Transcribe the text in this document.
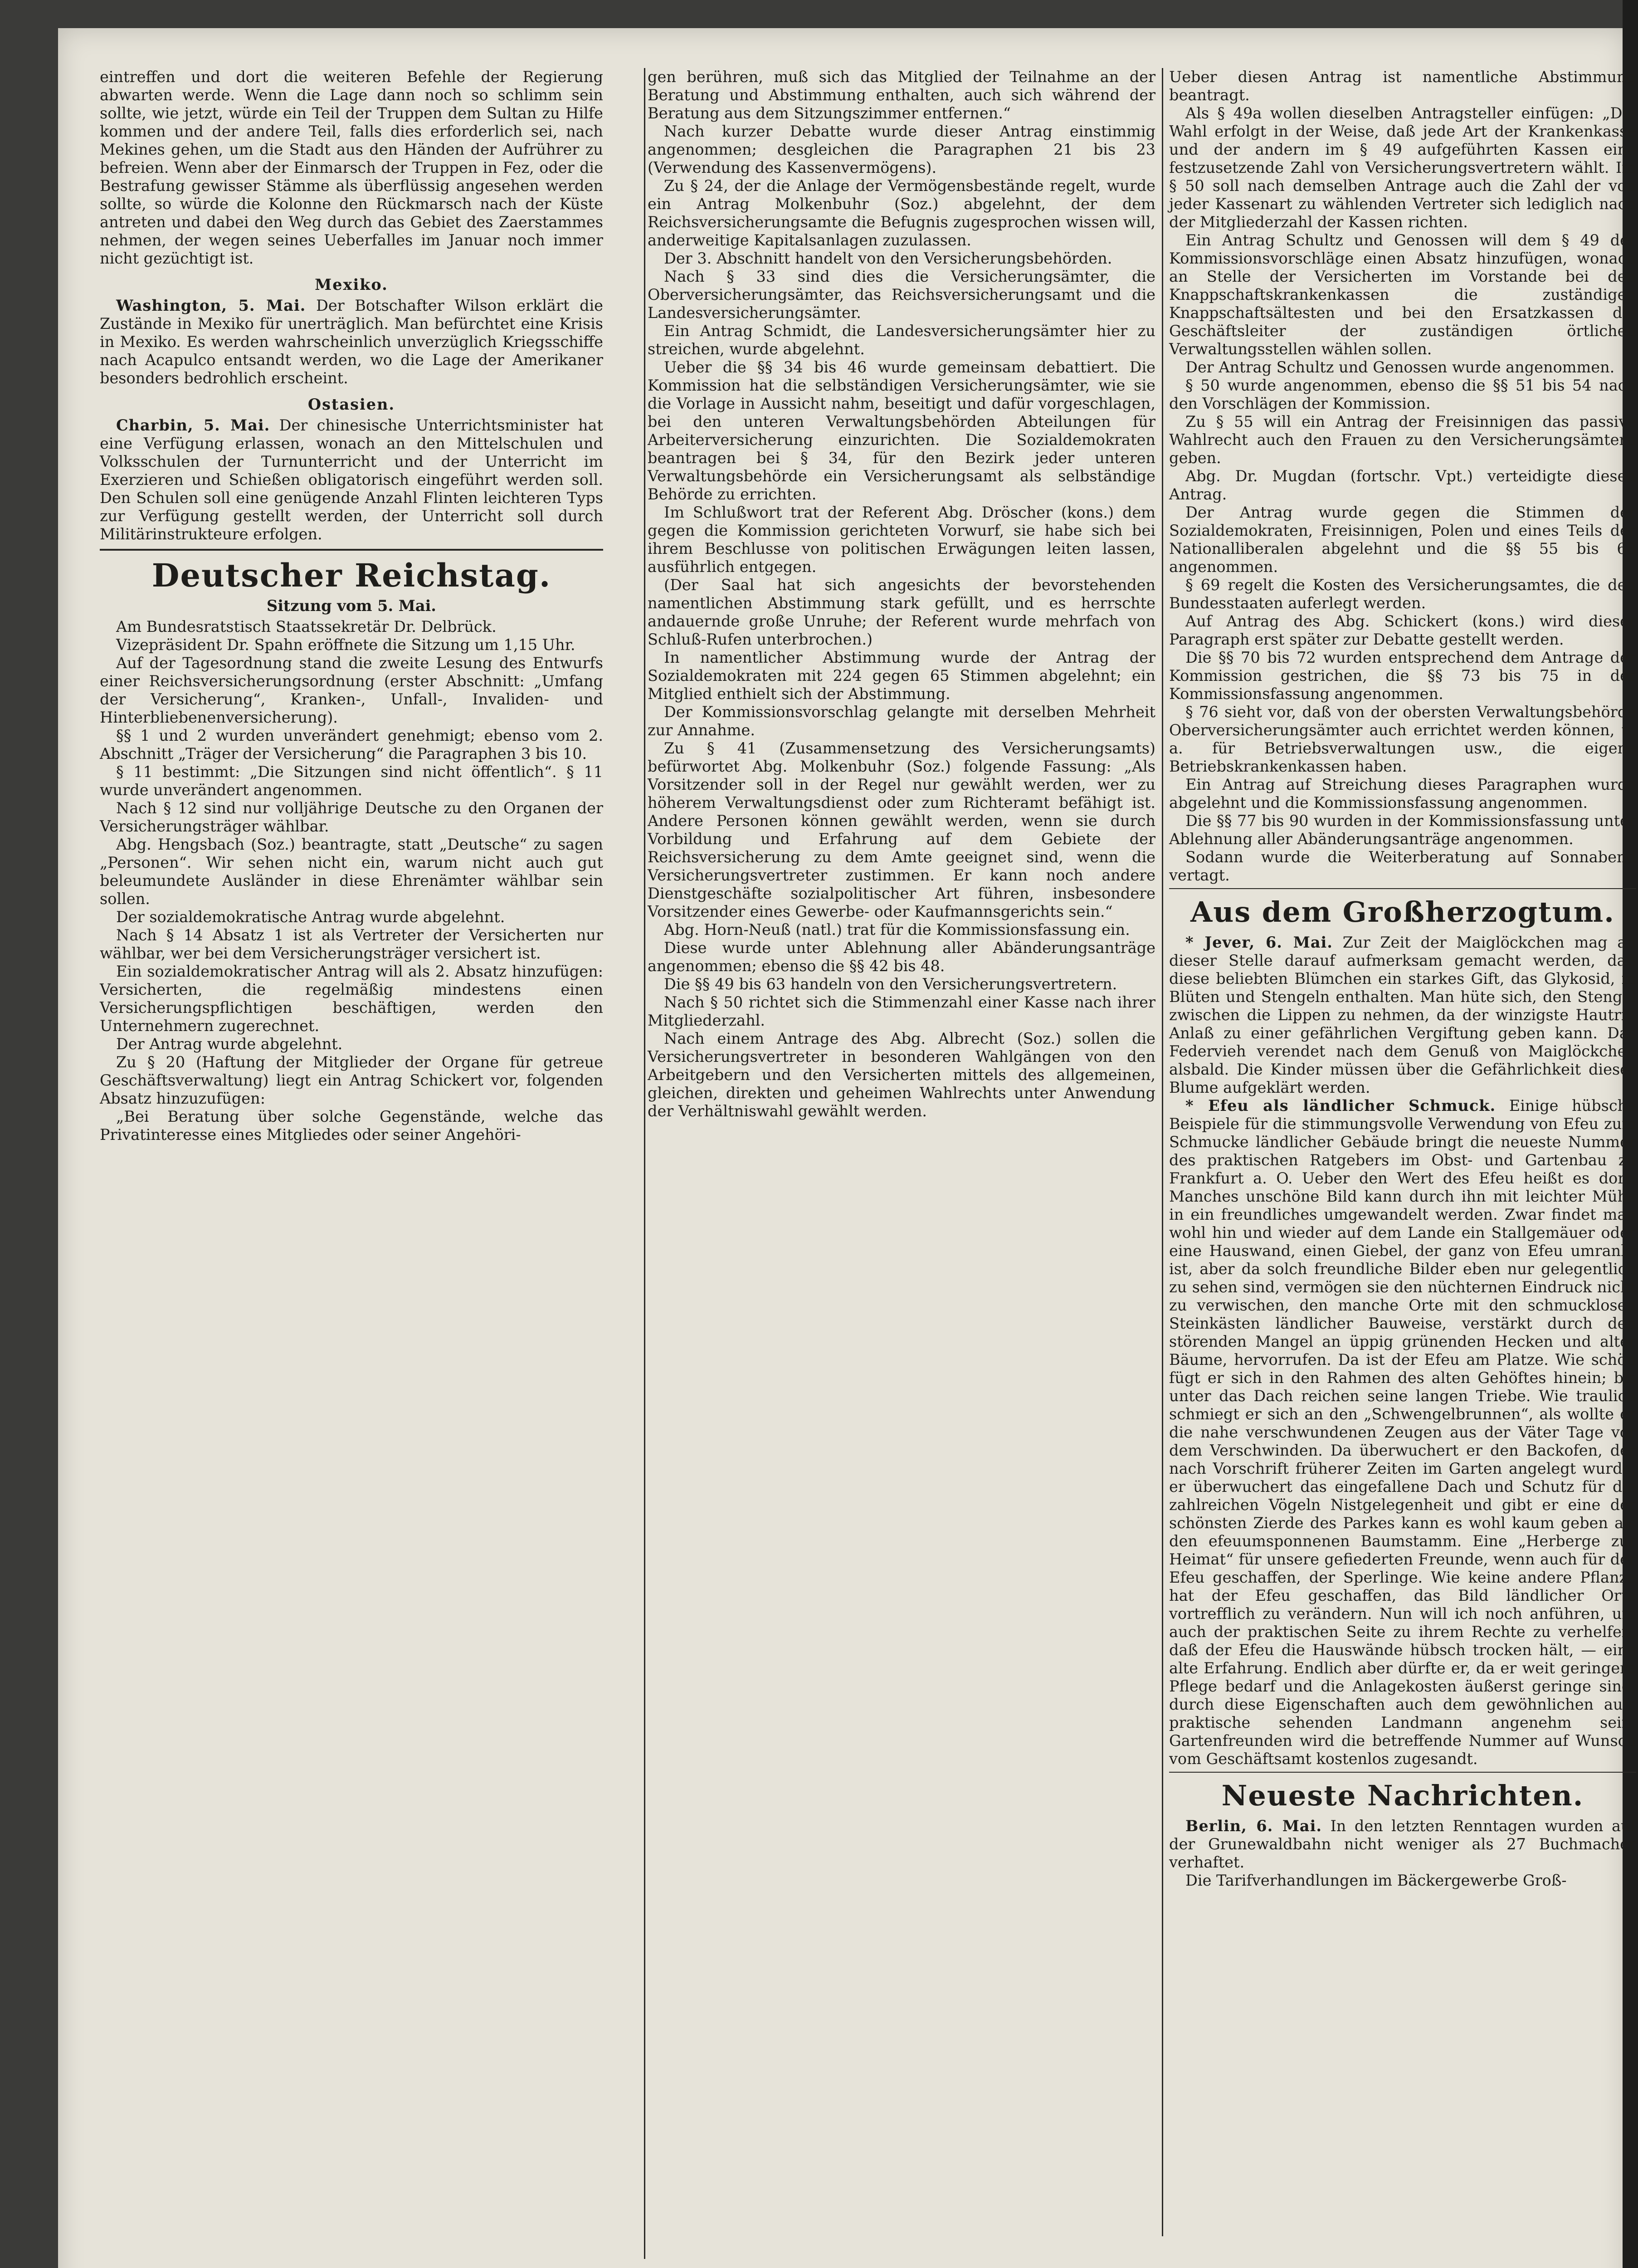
eintreffen und dort die weiteren Befehle der Regierung abwarten werde. Wenn die Lage dann noch so schlimm sein sollte, wie jetzt, würde ein Teil der Truppen dem Sultan zu Hilfe kommen und der andere Teil, falls dies erforderlich sei, nach Mekines gehen, um die Stadt aus den Händen der Aufrührer zu befreien. Wenn aber der Einmarsch der Truppen in Fez, oder die Bestrafung gewisser Stämme als überflüssig angesehen werden sollte, so würde die Kolonne den Rückmarsch nach der Küste antreten und dabei den Weg durch das Gebiet des Zaerstammes nehmen, der wegen seines Ueberfalles im Januar noch immer nicht gezüchtigt ist.

Mexiko.

Washington, 5. Mai. Der Botschafter Wilson erklärt die Zustände in Mexiko für unerträglich. Man befürchtet eine Krisis in Mexiko. Es werden wahrscheinlich unverzüglich Kriegsschiffe nach Acapulco entsandt werden, wo die Lage der Amerikaner besonders bedrohlich erscheint.

Ostasien.

Charbin, 5. Mai. Der chinesische Unterrichtsminister hat eine Verfügung erlassen, wonach an den Mittelschulen und Volksschulen der Turnunterricht und der Unterricht im Exerzieren und Schießen obligatorisch eingeführt werden soll. Den Schulen soll eine genügende Anzahl Flinten leichteren Typs zur Verfügung gestellt werden, der Unterricht soll durch Militärinstrukteure erfolgen.

Deutscher Reichstag.
Sitzung vom 5. Mai.

Am Bundesratstisch Staatssekretär Dr. Delbrück.

Vizepräsident Dr. Spahn eröffnete die Sitzung um 1,15 Uhr.

Auf der Tagesordnung stand die zweite Lesung des Entwurfs einer Reichsversicherungsordnung (erster Abschnitt: „Umfang der Versicherung“, Kranken-, Unfall-, Invaliden- und Hinterbliebenenversicherung).

§§ 1 und 2 wurden unverändert genehmigt; ebenso vom 2. Abschnitt „Träger der Versicherung“ die Paragraphen 3 bis 10.

§ 11 bestimmt: „Die Sitzungen sind nicht öffentlich“. § 11 wurde unverändert angenommen.

Nach § 12 sind nur volljährige Deutsche zu den Organen der Versicherungsträger wählbar.

Abg. Hengsbach (Soz.) beantragte, statt „Deutsche“ zu sagen „Personen“. Wir sehen nicht ein, warum nicht auch gut beleumundete Ausländer in diese Ehrenämter wählbar sein sollen.

Der sozialdemokratische Antrag wurde abgelehnt.

Nach § 14 Absatz 1 ist als Vertreter der Versicherten nur wählbar, wer bei dem Versicherungsträger versichert ist.

Ein sozialdemokratischer Antrag will als 2. Absatz hinzufügen: Versicherten, die regelmäßig mindestens einen Versicherungspflichtigen beschäftigen, werden den Unternehmern zugerechnet.

Der Antrag wurde abgelehnt.

Zu § 20 (Haftung der Mitglieder der Organe für getreue Geschäftsverwaltung) liegt ein Antrag Schickert vor, folgenden Absatz hinzuzufügen:

„Bei Beratung über solche Gegenstände, welche das Privatinteresse eines Mitgliedes oder seiner Angehöri-

gen berühren, muß sich das Mitglied der Teilnahme an der Beratung und Abstimmung enthalten, auch sich während der Beratung aus dem Sitzungszimmer entfernen.“

Nach kurzer Debatte wurde dieser Antrag einstimmig angenommen; desgleichen die Paragraphen 21 bis 23 (Verwendung des Kassenvermögens).

Zu § 24, der die Anlage der Vermögensbestände regelt, wurde ein Antrag Molkenbuhr (Soz.) abgelehnt, der dem Reichsversicherungsamte die Befugnis zugesprochen wissen will, anderweitige Kapitalsanlagen zuzulassen.

Der 3. Abschnitt handelt von den Versicherungsbehörden.

Nach § 33 sind dies die Versicherungsämter, die Oberversicherungsämter, das Reichsversicherungsamt und die Landesversicherungsämter.

Ein Antrag Schmidt, die Landesversicherungsämter hier zu streichen, wurde abgelehnt.

Ueber die §§ 34 bis 46 wurde gemeinsam debattiert. Die Kommission hat die selbständigen Versicherungsämter, wie sie die Vorlage in Aussicht nahm, beseitigt und dafür vorgeschlagen, bei den unteren Verwaltungsbehörden Abteilungen für Arbeiterversicherung einzurichten. Die Sozialdemokraten beantragen bei § 34, für den Bezirk jeder unteren Verwaltungsbehörde ein Versicherungsamt als selbständige Behörde zu errichten.

Im Schlußwort trat der Referent Abg. Dröscher (kons.) dem gegen die Kommission gerichteten Vorwurf, sie habe sich bei ihrem Beschlusse von politischen Erwägungen leiten lassen, ausführlich entgegen.

(Der Saal hat sich angesichts der bevorstehenden namentlichen Abstimmung stark gefüllt, und es herrschte andauernde große Unruhe; der Referent wurde mehrfach von Schluß-Rufen unterbrochen.)

In namentlicher Abstimmung wurde der Antrag der Sozialdemokraten mit 224 gegen 65 Stimmen abgelehnt; ein Mitglied enthielt sich der Abstimmung.

Der Kommissionsvorschlag gelangte mit derselben Mehrheit zur Annahme.

Zu § 41 (Zusammensetzung des Versicherungsamts) befürwortet Abg. Molkenbuhr (Soz.) folgende Fassung: „Als Vorsitzender soll in der Regel nur gewählt werden, wer zu höherem Verwaltungsdienst oder zum Richteramt befähigt ist. Andere Personen können gewählt werden, wenn sie durch Vorbildung und Erfahrung auf dem Gebiete der Reichsversicherung zu dem Amte geeignet sind, wenn die Versicherungsvertreter zustimmen. Er kann noch andere Dienstgeschäfte sozialpolitischer Art führen, insbesondere Vorsitzender eines Gewerbe- oder Kaufmannsgerichts sein.“

Abg. Horn-Neuß (natl.) trat für die Kommissionsfassung ein.

Diese wurde unter Ablehnung aller Abänderungsanträge angenommen; ebenso die §§ 42 bis 48.

Die §§ 49 bis 63 handeln von den Versicherungsvertretern.

Nach § 50 richtet sich die Stimmenzahl einer Kasse nach ihrer Mitgliederzahl.

Nach einem Antrage des Abg. Albrecht (Soz.) sollen die Versicherungsvertreter in besonderen Wahlgängen von den Arbeitgebern und den Versicherten mittels des allgemeinen, gleichen, direkten und geheimen Wahlrechts unter Anwendung der Verhältniswahl gewählt werden.

Ueber diesen Antrag ist namentliche Abstimmung beantragt.

Als § 49a wollen dieselben Antragsteller einfügen: „Die Wahl erfolgt in der Weise, daß jede Art der Krankenkasse und der andern im § 49 aufgeführten Kassen eine festzusetzende Zahl von Versicherungsvertretern wählt. Im § 50 soll nach demselben Antrage auch die Zahl der von jeder Kassenart zu wählenden Vertreter sich lediglich nach der Mitgliederzahl der Kassen richten.

Ein Antrag Schultz und Genossen will dem § 49 der Kommissionsvorschläge einen Absatz hinzufügen, wonach an Stelle der Versicherten im Vorstande bei den Knappschaftskrankenkassen die zuständigen Knappschaftsältesten und bei den Ersatzkassen die Geschäftsleiter der zuständigen örtlichen Verwaltungsstellen wählen sollen.

Der Antrag Schultz und Genossen wurde angenommen.

§ 50 wurde angenommen, ebenso die §§ 51 bis 54 nach den Vorschlägen der Kommission.

Zu § 55 will ein Antrag der Freisinnigen das passive Wahlrecht auch den Frauen zu den Versicherungsämtern geben.

Abg. Dr. Mugdan (fortschr. Vpt.) verteidigte diesen Antrag.

Der Antrag wurde gegen die Stimmen der Sozialdemokraten, Freisinnigen, Polen und eines Teils der Nationalliberalen abgelehnt und die §§ 55 bis 68 angenommen.

§ 69 regelt die Kosten des Versicherungsamtes, die den Bundesstaaten auferlegt werden.

Auf Antrag des Abg. Schickert (kons.) wird dieser Paragraph erst später zur Debatte gestellt werden.

Die §§ 70 bis 72 wurden entsprechend dem Antrage der Kommission gestrichen, die §§ 73 bis 75 in der Kommissionsfassung angenommen.

§ 76 sieht vor, daß von der obersten Verwaltungsbehörde Oberversicherungsämter auch errichtet werden können, u. a. für Betriebsverwaltungen usw., die eigene Betriebskrankenkassen haben.

Ein Antrag auf Streichung dieses Paragraphen wurde abgelehnt und die Kommissionsfassung angenommen.

Die §§ 77 bis 90 wurden in der Kommissionsfassung unter Ablehnung aller Abänderungsanträge angenommen.

Sodann wurde die Weiterberatung auf Sonnabend vertagt.

Aus dem Großherzogtum.

* Jever, 6. Mai. Zur Zeit der Maiglöckchen mag an dieser Stelle darauf aufmerksam gemacht werden, daß diese beliebten Blümchen ein starkes Gift, das Glykosid, in Blüten und Stengeln enthalten. Man hüte sich, den Stengel zwischen die Lippen zu nehmen, da der winzigste Hautriß Anlaß zu einer gefährlichen Vergiftung geben kann. Das Federvieh verendet nach dem Genuß von Maiglöckchen alsbald. Die Kinder müssen über die Gefährlichkeit dieser Blume aufgeklärt werden.

* Efeu als ländlicher Schmuck. Einige hübsche Beispiele für die stimmungsvolle Verwendung von Efeu zum Schmucke ländlicher Gebäude bringt die neueste Nummer des praktischen Ratgebers im Obst- und Gartenbau zu Frankfurt a. O. Ueber den Wert des Efeu heißt es dort: Manches unschöne Bild kann durch ihn mit leichter Mühe in ein freundliches umgewandelt werden. Zwar findet man wohl hin und wieder auf dem Lande ein Stallgemäuer oder eine Hauswand, einen Giebel, der ganz von Efeu umrankt ist, aber da solch freundliche Bilder eben nur gelegentlich zu sehen sind, vermögen sie den nüchternen Eindruck nicht zu verwischen, den manche Orte mit den schmucklosen Steinkästen ländlicher Bauweise, verstärkt durch den störenden Mangel an üppig grünenden Hecken und alter Bäume, hervorrufen. Da ist der Efeu am Platze. Wie schön fügt er sich in den Rahmen des alten Gehöftes hinein; bis unter das Dach reichen seine langen Triebe. Wie traulich schmiegt er sich an den „Schwengelbrunnen“, als wollte er die nahe verschwundenen Zeugen aus der Väter Tage vor dem Verschwinden. Da überwuchert er den Backofen, der nach Vorschrift früherer Zeiten im Garten angelegt wurde, er überwuchert das eingefallene Dach und Schutz für die zahlreichen Vögeln Nistgelegenheit und gibt er eine der schönsten Zierde des Parkes kann es wohl kaum geben als den efeuumsponnenen Baumstamm. Eine „Herberge zur Heimat“ für unsere gefiederten Freunde, wenn auch für der Efeu geschaffen, der Sperlinge. Wie keine andere Pflanze hat der Efeu geschaffen, das Bild ländlicher Orte vortrefflich zu verändern. Nun will ich noch anführen, um auch der praktischen Seite zu ihrem Rechte zu verhelfen, daß der Efeu die Hauswände hübsch trocken hält, — eine alte Erfahrung. Endlich aber dürfte er, da er weit geringere Pflege bedarf und die Anlagekosten äußerst geringe sind, durch diese Eigenschaften auch dem gewöhnlichen aufs praktische sehenden Landmann angenehm sein. Gartenfreunden wird die betreffende Nummer auf Wunsch vom Geschäftsamt kostenlos zugesandt.

Neueste Nachrichten.

Berlin, 6. Mai. In den letzten Renntagen wurden auf der Grunewaldbahn nicht weniger als 27 Buchmacher verhaftet.

Die Tarifverhandlungen im Bäckergewerbe Groß-
